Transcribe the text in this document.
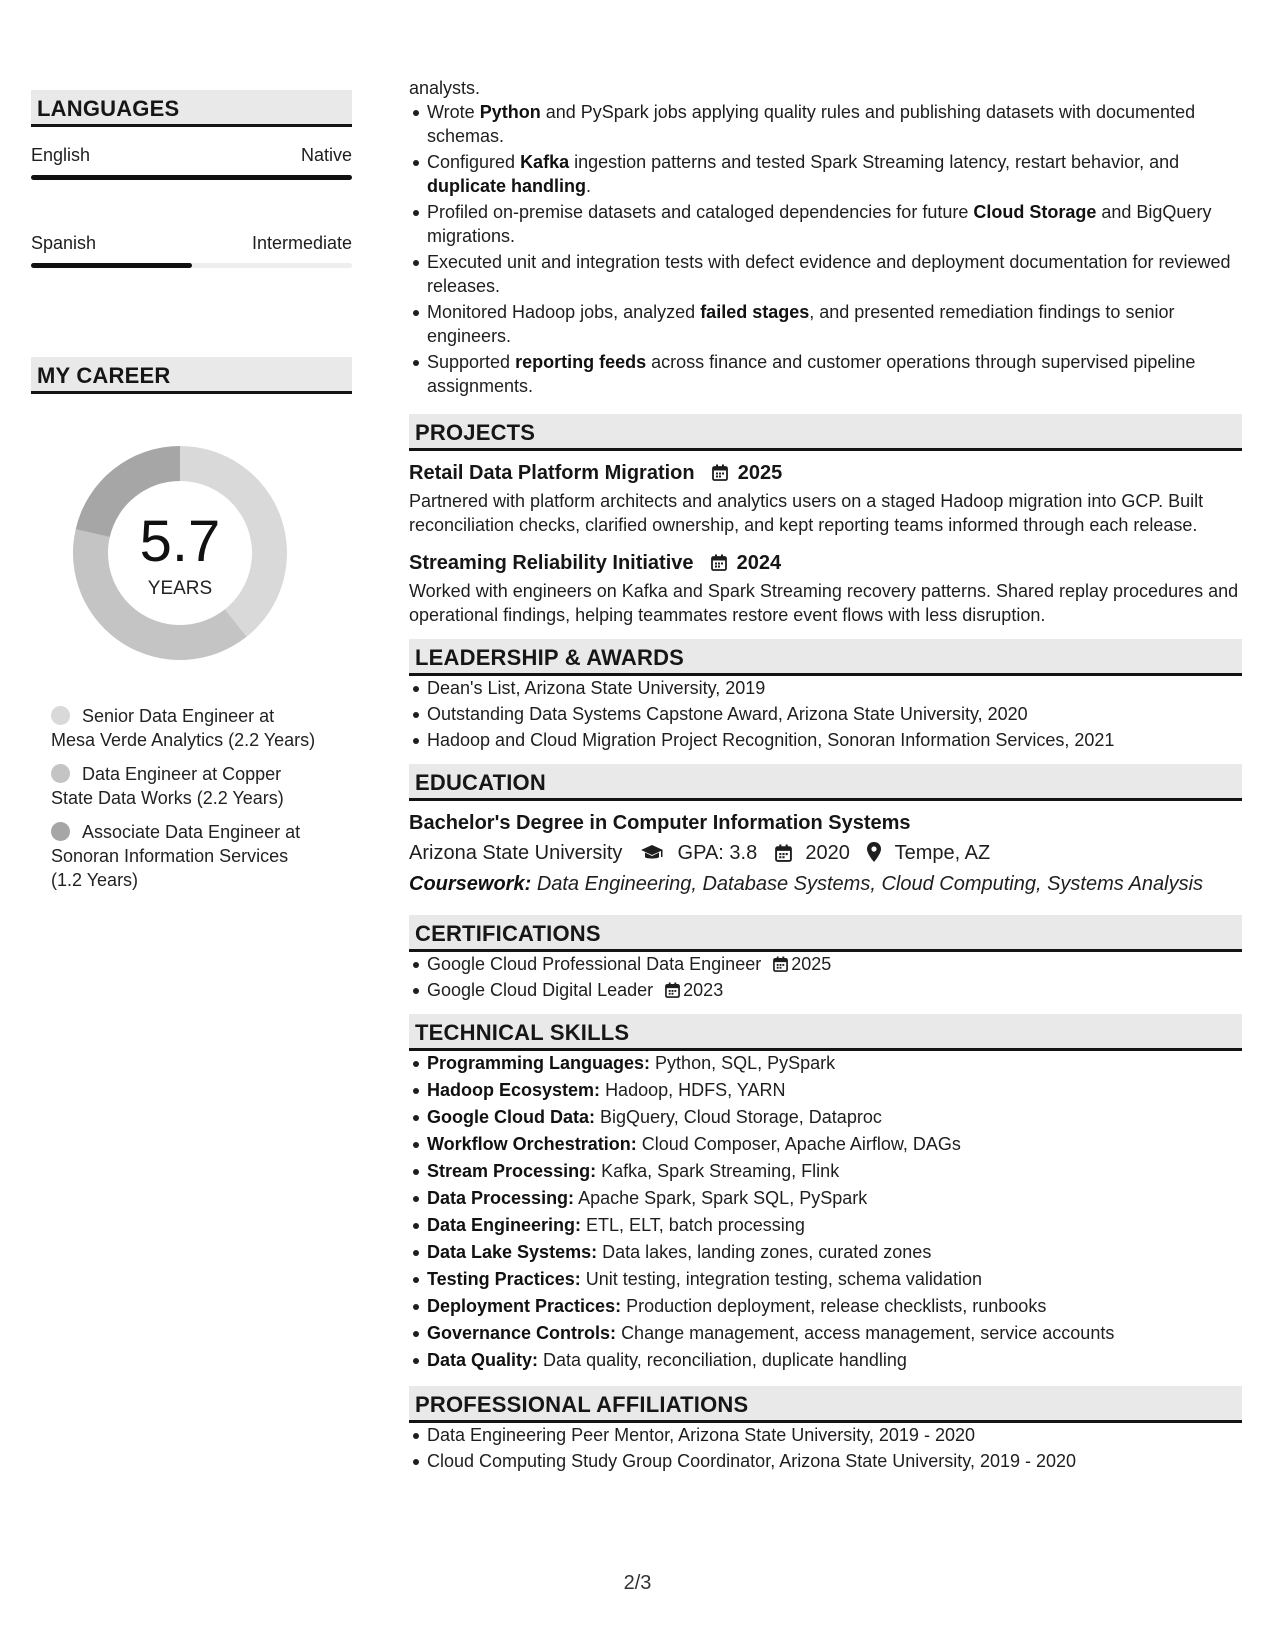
LANGUAGES
English	Native
Spanish	Intermediate
MY CAREER
5.7
YEARS
Senior Data Engineer at Mesa Verde Analytics (2.2 Years)
Data Engineer at Copper State Data Works (2.2 Years)
Associate Data Engineer at Sonoran Information Services (1.2 Years)
analysts.
Wrote Python and PySpark jobs applying quality rules and publishing datasets with documented schemas.
Configured Kafka ingestion patterns and tested Spark Streaming latency, restart behavior, and duplicate handling.
Profiled on-premise datasets and cataloged dependencies for future Cloud Storage and BigQuery migrations.
Executed unit and integration tests with defect evidence and deployment documentation for reviewed releases.
Monitored Hadoop jobs, analyzed failed stages, and presented remediation findings to senior engineers.
Supported reporting feeds across finance and customer operations through supervised pipeline assignments.
PROJECTS
Retail Data Platform Migration 2025
Partnered with platform architects and analytics users on a staged Hadoop migration into GCP. Built reconciliation checks, clarified ownership, and kept reporting teams informed through each release.
Streaming Reliability Initiative 2024
Worked with engineers on Kafka and Spark Streaming recovery patterns. Shared replay procedures and operational findings, helping teammates restore event flows with less disruption.
LEADERSHIP & AWARDS
Dean's List, Arizona State University, 2019
Outstanding Data Systems Capstone Award, Arizona State University, 2020
Hadoop and Cloud Migration Project Recognition, Sonoran Information Services, 2021
EDUCATION
Bachelor's Degree in Computer Information Systems
Arizona State University	GPA: 3.8 2020 Tempe, AZ
Coursework: Data Engineering, Database Systems, Cloud Computing, Systems Analysis
CERTIFICATIONS
Google Cloud Professional Data Engineer 2025
Google Cloud Digital Leader 2023
TECHNICAL SKILLS
Programming Languages: Python, SQL, PySpark
Hadoop Ecosystem: Hadoop, HDFS, YARN
Google Cloud Data: BigQuery, Cloud Storage, Dataproc
Workflow Orchestration: Cloud Composer, Apache Airflow, DAGs
Stream Processing: Kafka, Spark Streaming, Flink
Data Processing: Apache Spark, Spark SQL, PySpark
Data Engineering: ETL, ELT, batch processing
Data Lake Systems: Data lakes, landing zones, curated zones
Testing Practices: Unit testing, integration testing, schema validation
Deployment Practices: Production deployment, release checklists, runbooks
Governance Controls: Change management, access management, service accounts
Data Quality: Data quality, reconciliation, duplicate handling
PROFESSIONAL AFFILIATIONS
Data Engineering Peer Mentor, Arizona State University, 2019 - 2020
Cloud Computing Study Group Coordinator, Arizona State University, 2019 - 2020
2/3
